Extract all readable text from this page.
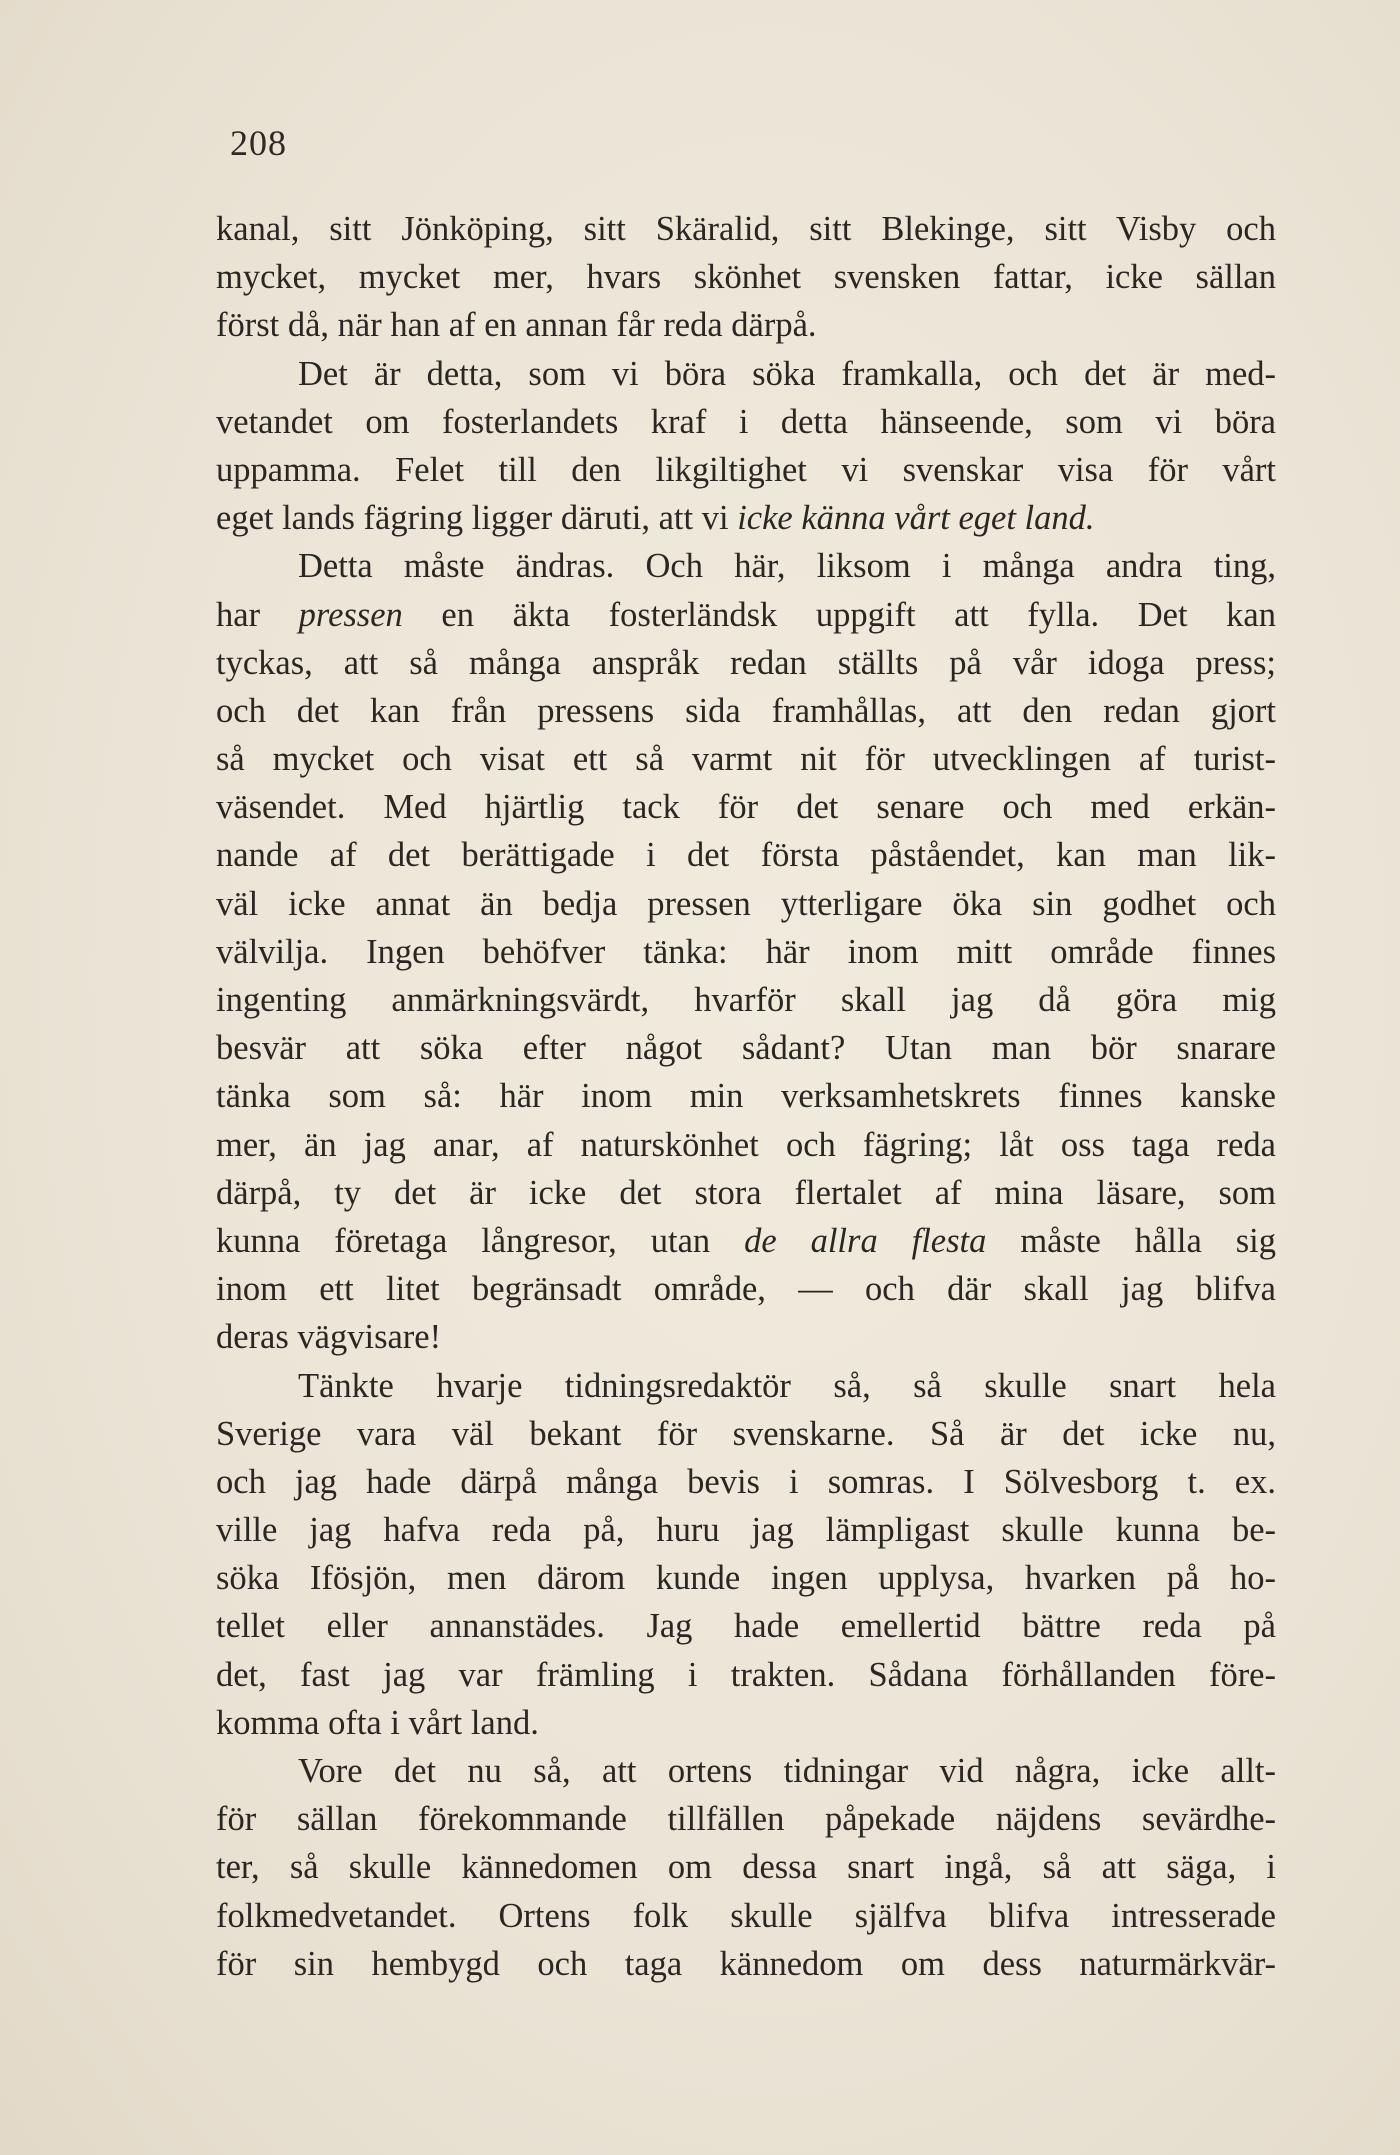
208
kanal, sitt Jönköping, sitt Skäralid, sitt Blekinge, sitt Visby och
mycket, mycket mer, hvars skönhet svensken fattar, icke sällan
först då, när han af en annan får reda därpå.
Det är detta, som vi böra söka framkalla, och det är med-
vetandet om fosterlandets kraf i detta hänseende, som vi böra
uppamma. Felet till den likgiltighet vi svenskar visa för vårt
eget lands fägring ligger däruti, att vi icke känna vårt eget land.
Detta måste ändras. Och här, liksom i många andra ting,
har pressen en äkta fosterländsk uppgift att fylla. Det kan
tyckas, att så många anspråk redan ställts på vår idoga press;
och det kan från pressens sida framhållas, att den redan gjort
så mycket och visat ett så varmt nit för utvecklingen af turist-
väsendet. Med hjärtlig tack för det senare och med erkän-
nande af det berättigade i det första påståendet, kan man lik-
väl icke annat än bedja pressen ytterligare öka sin godhet och
välvilja. Ingen behöfver tänka: här inom mitt område finnes
ingenting anmärkningsvärdt, hvarför skall jag då göra mig
besvär att söka efter något sådant? Utan man bör snarare
tänka som så: här inom min verksamhetskrets finnes kanske
mer, än jag anar, af naturskönhet och fägring; låt oss taga reda
därpå, ty det är icke det stora flertalet af mina läsare, som
kunna företaga långresor, utan de allra flesta måste hålla sig
inom ett litet begränsadt område, — och där skall jag blifva
deras vägvisare!
Tänkte hvarje tidningsredaktör så, så skulle snart hela
Sverige vara väl bekant för svenskarne. Så är det icke nu,
och jag hade därpå många bevis i somras. I Sölvesborg t. ex.
ville jag hafva reda på, huru jag lämpligast skulle kunna be-
söka Ifösjön, men därom kunde ingen upplysa, hvarken på ho-
tellet eller annanstädes. Jag hade emellertid bättre reda på
det, fast jag var främling i trakten. Sådana förhållanden före-
komma ofta i vårt land.
Vore det nu så, att ortens tidningar vid några, icke allt-
för sällan förekommande tillfällen påpekade näjdens sevärdhe-
ter, så skulle kännedomen om dessa snart ingå, så att säga, i
folkmedvetandet. Ortens folk skulle själfva blifva intresserade
för sin hembygd och taga kännedom om dess naturmärkvär-
